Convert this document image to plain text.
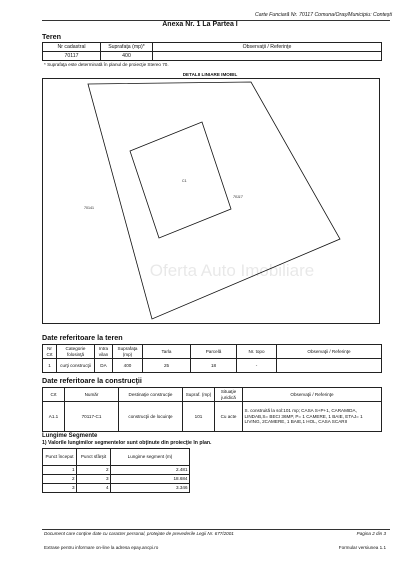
Carte Funciară Nr. 70117 Comuna/Oraş/Municipiu: Conteşti
Anexa Nr. 1 La Partea I
Teren
Nr cadastral	Suprafaţa (mp)*	Observaţii / Referinţe
70117	400	
* Suprafaţa este determinată în planul de proiecţie Stereo 70.
DETALII LINIARE IMOBIL
C1
70117
70141
Oferta Auto Imobiliare
Date referitoare la teren
Nr Crt	Categorie folosinţă	Intra vilan	Suprafaţa (mp)	Tarla	Parcelă	Nr. topo	Observaţii / Referinţe
1	curţi construcţii	DA	400	25	18	-	
Date referitoare la construcţii
Crt	Număr	Destinaţie construcţie	Supraf. (mp)	Situaţie juridică	Observaţii / Referinţe
A1.1	70117-C1	construcţii de locuinţe	101	Cu acte	S. construită la sol:101 mp; CASA S+P+1, CARAMIDA, LINDAB,S= BECI 36MP, P= 1 CAMERE, 1 BAIE, ETAJ= 1 LIVING, 2CAMERE, 1 BAIE,1 HOL, CASA SCARII
Lungime Segmente
1) Valorile lungimilor segmentelor sunt obţinute din proiecţie în plan.
Punct început	Punct sfârşit	Lungime segment (m)
1	2	2.481
2	3	18.684
3	4	3.346
Document care conţine date cu caracter personal, protejate de prevederile Legii Nr. 677/2001	Pagina 2 din 3
Extrase pentru informare on-line la adresa epay.ancpi.ro	Formular versiunea 1.1
